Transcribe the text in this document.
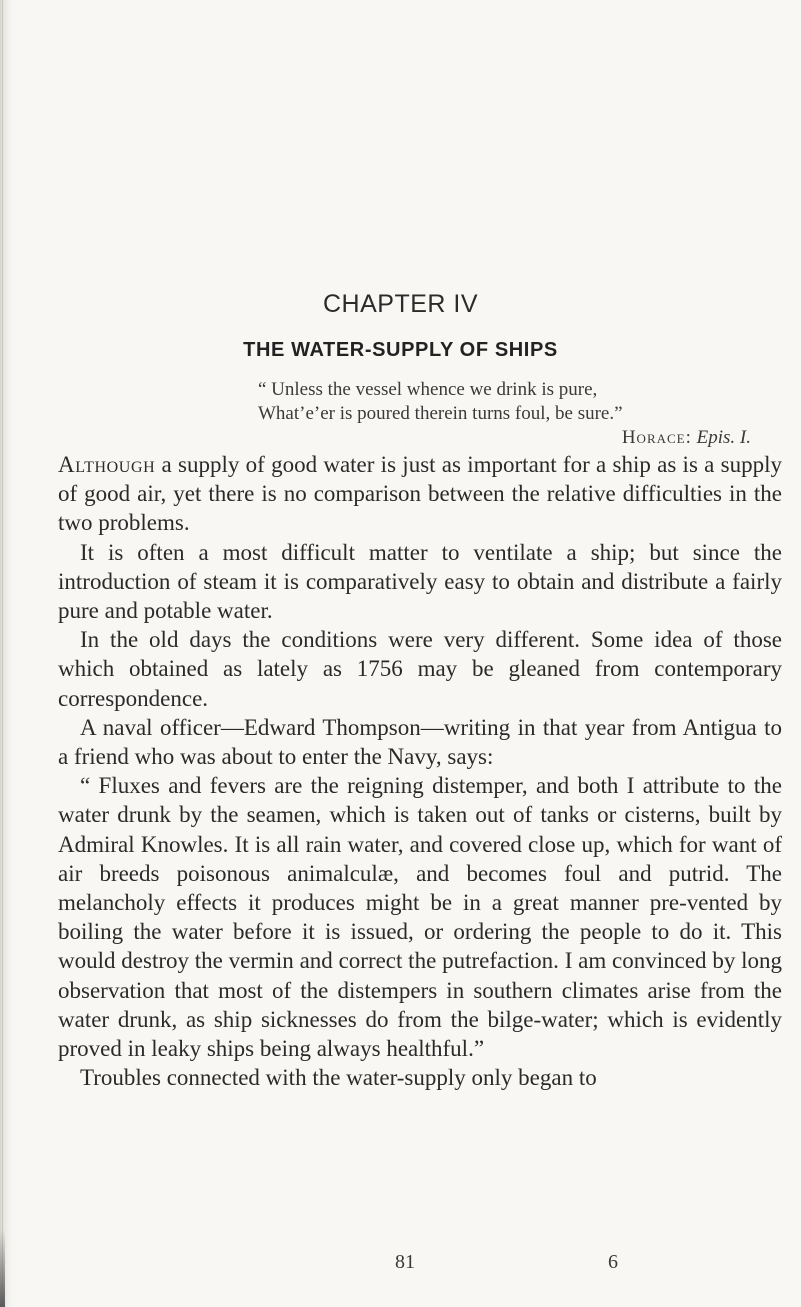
CHAPTER IV
THE WATER-SUPPLY OF SHIPS
“ Unless the vessel whence we drink is pure,
What’e’er is poured therein turns foul, be sure.”
Horace: Epis. I.

Although a supply of good water is just as important for a ship as is a supply of good air, yet there is no comparison between the relative difficulties in the two problems.

It is often a most difficult matter to ventilate a ship; but since the introduction of steam it is comparatively easy to obtain and distribute a fairly pure and potable water.

In the old days the conditions were very different. Some idea of those which obtained as lately as 1756 may be gleaned from contemporary correspondence.

A naval officer—Edward Thompson—writing in that year from Antigua to a friend who was about to enter the Navy, says:

“ Fluxes and fevers are the reigning distemper, and both I attribute to the water drunk by the seamen, which is taken out of tanks or cisterns, built by Admiral Knowles. It is all rain water, and covered close up, which for want of air breeds poisonous animalculæ, and becomes foul and putrid. The melancholy effects it produces might be in a great manner pre-vented by boiling the water before it is issued, or ordering the people to do it. This would destroy the vermin and correct the putrefaction. I am convinced by long observation that most of the distempers in southern climates arise from the water drunk, as ship sicknesses do from the bilge-water; which is evidently proved in leaky ships being always healthful.”

Troubles connected with the water-supply only began to

81	6
